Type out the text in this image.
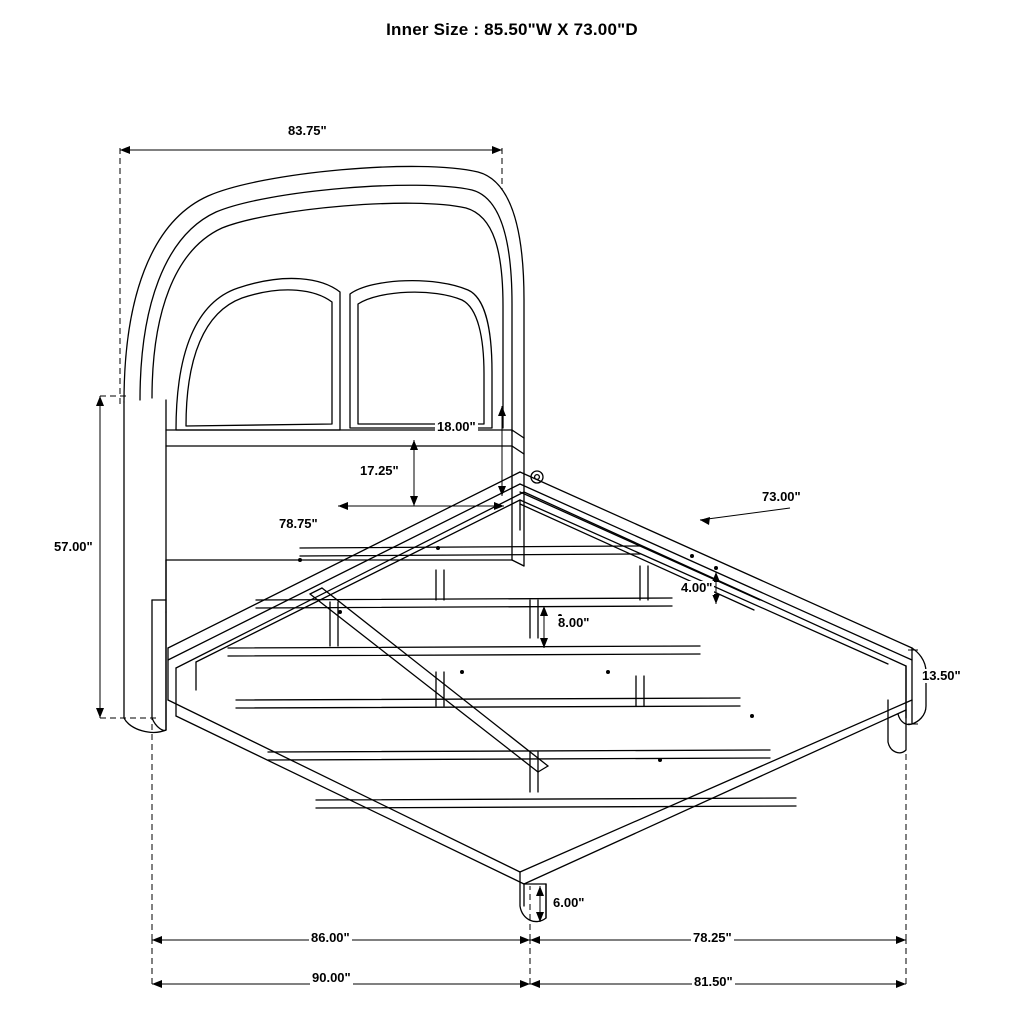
Inner Size : 85.50"W X 73.00"D
83.75"
57.00"
18.00"
17.25"
78.75"
73.00"
4.00"
8.00"
13.50"
6.00"
86.00"	78.25"
90.00"	81.50"
